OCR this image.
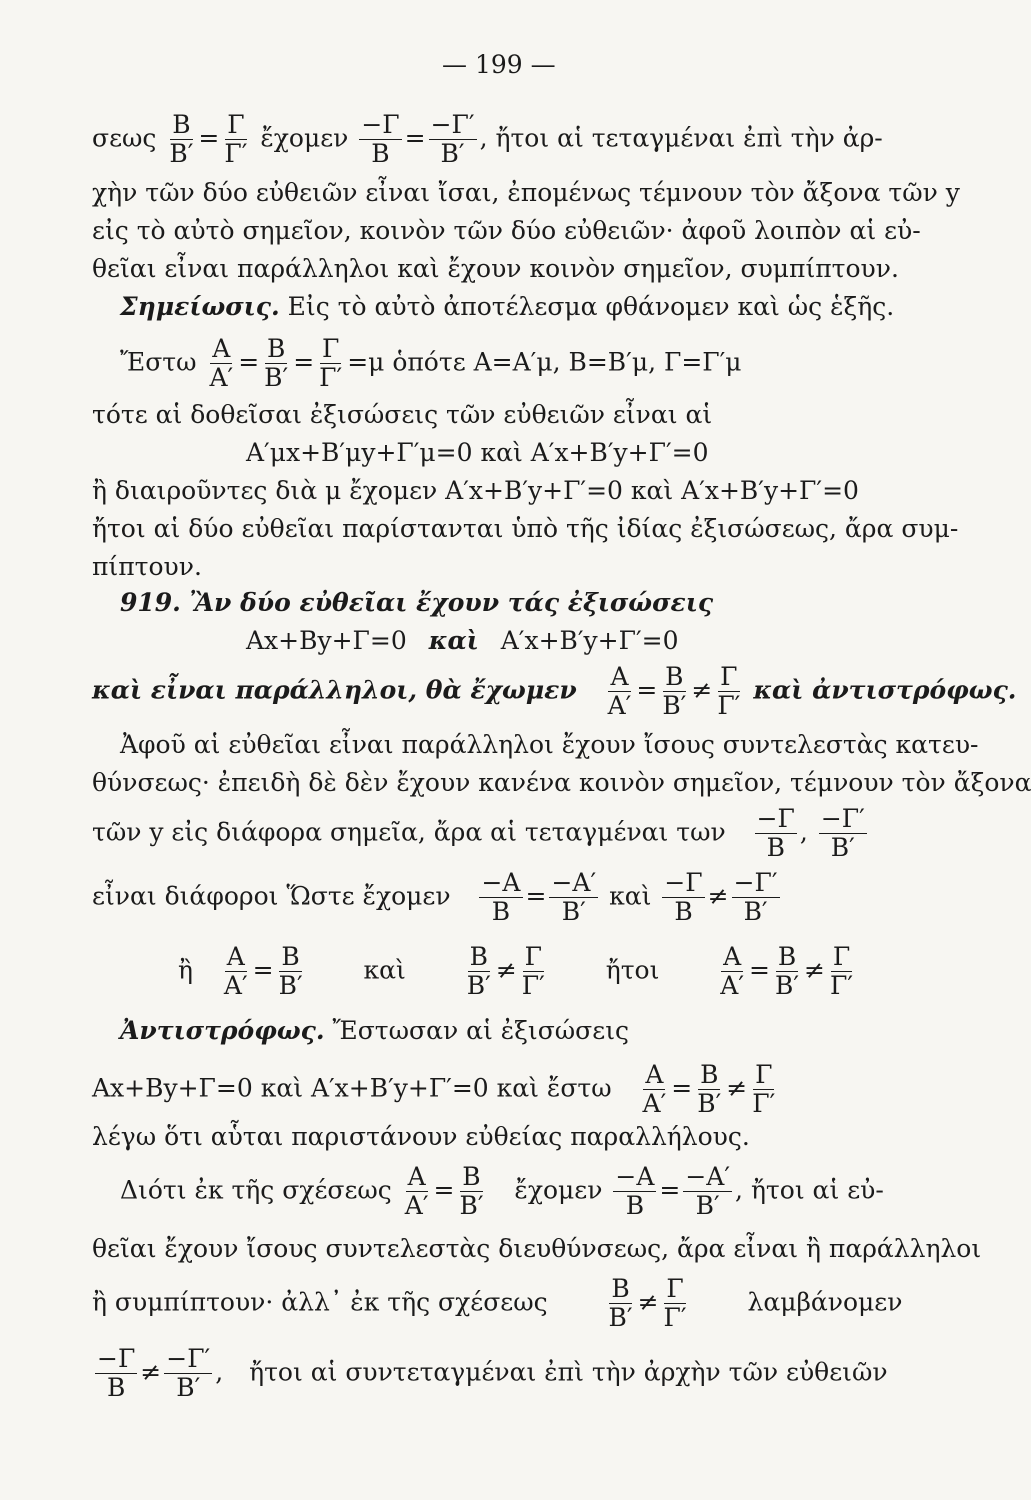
— 199 —
σεως $\frac{B}{B'} = \frac{\Gamma}{\Gamma'}$ ἔχομεν $\frac{-\Gamma}{B} = \frac{-\Gamma'}{B'}$ , ἤτοι αἱ τεταγμέναι ἐπὶ τὴν ἀρ-
χὴν τῶν δύο εὐθειῶν εἶναι ἴσαι, ἐπομένως τέμνουν τὸν ἄξονα τῶν y
εἰς τὸ αὐτὸ σημεῖον, κοινὸν τῶν δύο εὐθειῶν· ἀφοῦ λοιπὸν αἱ εὐ-
θεῖαι εἶναι παράλληλοι καὶ ἔχουν κοινὸν σημεῖον, συμπίπτουν.
Σημείωσις. Εἰς τὸ αὐτὸ ἀποτέλεσμα φθάνομεν καὶ ὡς ἑξῆς.
Ἔστω $\frac{A}{A'} = \frac{B}{B'} = \frac{\Gamma}{\Gamma'} =\mu$ ὁπότε Α=Α′μ, Β=Β′μ, Γ=Γ′μ
τότε αἱ δοθεῖσαι ἐξισώσεις τῶν εὐθειῶν εἶναι αἱ
Α′μx+Β′μy+Γ′μ=0 καὶ Α′x+Β′y+Γ′=0
ἢ διαιροῦντες διὰ μ ἔχομεν Α′x+Β′y+Γ′=0 καὶ Α′x+Β′y+Γ′=0
ἤτοι αἱ δύο εὐθεῖαι παρίστανται ὑπὸ τῆς ἰδίας ἐξισώσεως, ἄρα συμ-
πίπτουν.
919. Ἂν δύο εὐθεῖαι ἔχουν τάς ἐξισώσεις
Αx+Βy+Γ=0 καὶ Α′x+Β′y+Γ′=0
καὶ εἶναι παράλληλοι, θὰ ἔχωμεν $\frac{A}{A'} = \frac{B}{B'} \ne \frac{\Gamma}{\Gamma'}$ καὶ ἀντιστρόφως.
Ἀφοῦ αἱ εὐθεῖαι εἶναι παράλληλοι ἔχουν ἴσους συντελεστὰς κατευ-
θύνσεως· ἐπειδὴ δὲ δὲν ἔχουν κανένα κοινὸν σημεῖον, τέμνουν τὸν ἄξονα
τῶν y εἰς διάφορα σημεῖα, ἄρα αἱ τεταγμέναι των $\frac{-\Gamma}{B}$ , $\frac{-\Gamma'}{B'}$
εἶναι διάφοροι Ὥστε ἔχομεν $\frac{-A}{B} = \frac{-A'}{B'}$ καὶ $\frac{-\Gamma}{B} \ne \frac{-\Gamma'}{B'}$
ἢ $\frac{A}{A'} = \frac{B}{B'}$ καὶ $\frac{B}{B'} \ne \frac{\Gamma}{\Gamma'}$ ἤτοι $\frac{A}{A'} = \frac{B}{B'} \ne \frac{\Gamma}{\Gamma'}$
Ἀντιστρόφως. Ἔστωσαν αἱ ἐξισώσεις
Αx+Βy+Γ=0 καὶ Α′x+Β′y+Γ′=0 καὶ ἔστω $\frac{A}{A'} = \frac{B}{B'} \ne \frac{\Gamma}{\Gamma'}$
λέγω ὅτι αὗται παριστάνουν εὐθείας παραλλήλους.
Διότι ἐκ τῆς σχέσεως $\frac{A}{A'} = \frac{B}{B'}$ ἔχομεν $\frac{-A}{B} = \frac{-A'}{B'}$ , ἤτοι αἱ εὐ-
θεῖαι ἔχουν ἴσους συντελεστὰς διευθύνσεως, ἄρα εἶναι ἢ παράλληλοι
ἢ συμπίπτουν· ἀλλ᾽ ἐκ τῆς σχέσεως $\frac{B}{B'} \ne \frac{\Gamma}{\Gamma'}$ λαμβάνομεν
$\frac{-\Gamma}{B} \ne \frac{-\Gamma'}{B'}$ , ἤτοι αἱ συντεταγμέναι ἐπὶ τὴν ἀρχὴν τῶν εὐθειῶν
